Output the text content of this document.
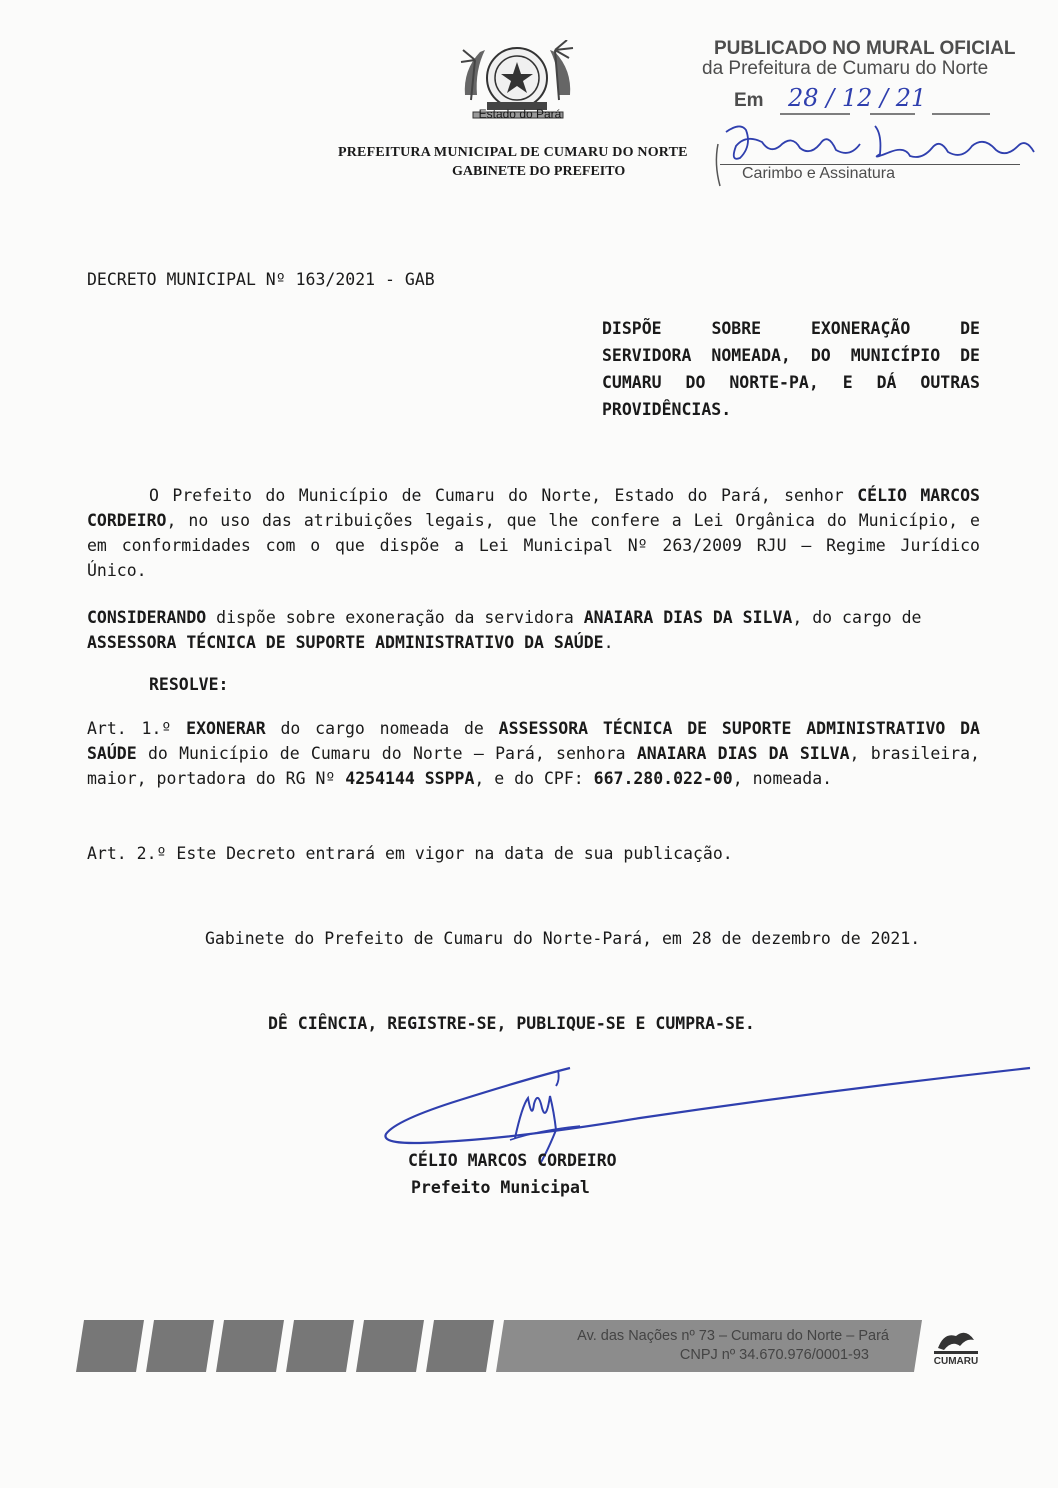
Estado do Pará
PREFEITURA MUNICIPAL DE CUMARU DO NORTE
GABINETE DO PREFEITO
PUBLICADO NO MURAL OFICIAL
da Prefeitura de Cumaru do Norte
Em 28 / 12 / 21
Carimbo e Assinatura
DECRETO MUNICIPAL Nº 163/2021 - GAB
DISPÕE	SOBRE	EXONERAÇÃO	DE
SERVIDORA NOMEADA, DO MUNICÍPIO DE CUMARU DO NORTE-PA, E DÁ OUTRAS PROVIDÊNCIAS.
O Prefeito do Município de Cumaru do Norte, Estado do Pará, senhor CÉLIO MARCOS CORDEIRO, no uso das atribuições legais, que lhe confere a Lei Orgânica do Município, e em conformidades com o que dispõe a Lei Municipal Nº 263/2009 RJU – Regime Jurídico Único.
CONSIDERANDO dispõe sobre exoneração da servidora ANAIARA DIAS DA SILVA, do cargo de ASSESSORA TÉCNICA DE SUPORTE ADMINISTRATIVO DA SAÚDE.
RESOLVE:
Art. 1.º EXONERAR do cargo nomeada de ASSESSORA TÉCNICA DE SUPORTE ADMINISTRATIVO DA SAÚDE do Município de Cumaru do Norte – Pará, senhora ANAIARA DIAS DA SILVA, brasileira, maior, portadora do RG Nº 4254144 SSPPA, e do CPF: 667.280.022-00, nomeada.
Art. 2.º Este Decreto entrará em vigor na data de sua publicação.
Gabinete do Prefeito de Cumaru do Norte-Pará, em 28 de dezembro de 2021.
DÊ CIÊNCIA, REGISTRE-SE, PUBLIQUE-SE E CUMPRA-SE.
CÉLIO MARCOS CORDEIRO
Prefeito Municipal
Av. das Nações nº 73 – Cumaru do Norte – Pará
CNPJ nº 34.670.976/0001-93	CUMARU
